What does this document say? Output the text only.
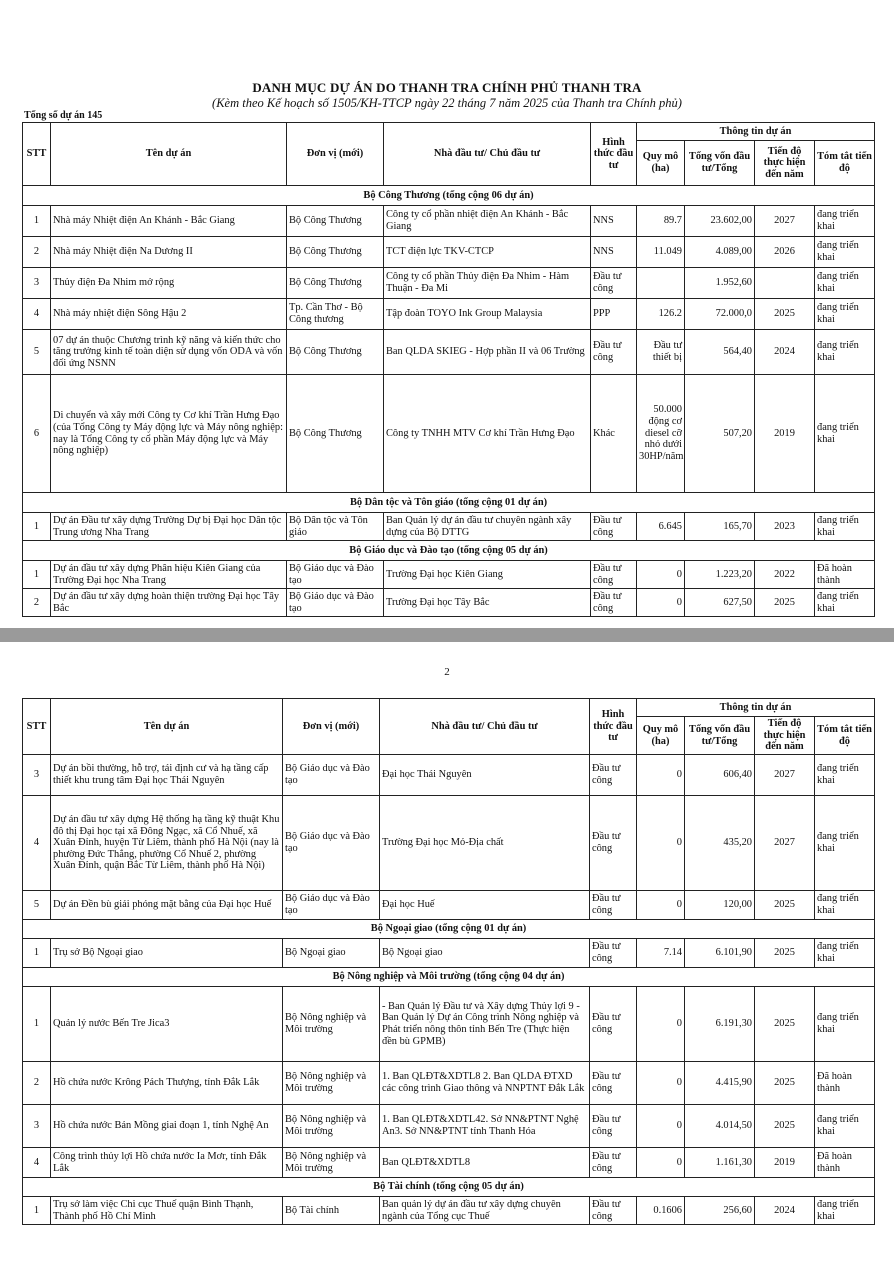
DANH MỤC DỰ ÁN DO THANH TRA CHÍNH PHỦ THANH TRA
(Kèm theo Kế hoạch số 1505/KH-TTCP ngày 22 tháng 7 năm 2025 của Thanh tra Chính phủ)
Tổng số dự án 145
STT	Tên dự án	Đơn vị (mới)	Nhà đầu tư/ Chủ đầu tư	Hình thức đầu tư	Thông tin dự án			
					Quy mô (ha)	Tổng vốn đầu tư/Tổng	Tiến độ thực hiện đến năm	Tóm tắt tiến độ
Bộ Công Thương (tổng cộng 06 dự án)								
1	Nhà máy Nhiệt điện An Khánh - Bắc Giang	Bộ Công Thương	Công ty cổ phần nhiệt điện An Khánh - Bắc Giang	NNS	89.7	23.602,00	2027	đang triển khai
2	Nhà máy Nhiệt điện Na Dương II	Bộ Công Thương	TCT điện lực TKV-CTCP	NNS	11.049	4.089,00	2026	đang triển khai
3	Thủy điện Đa Nhim mở rộng	Bộ Công Thương	Công ty cổ phần Thủy điện Đa Nhim - Hàm Thuận - Đa Mi	Đầu tư công		1.952,60		đang triển khai
4	Nhà máy nhiệt điện Sông Hậu 2	Tp. Cần Thơ - Bộ Công thương	Tập đoàn TOYO Ink Group Malaysia	PPP	126.2	72.000,0	2025	đang triển khai
5	07 dự án thuộc Chương trình kỹ năng và kiến thức cho tăng trưởng kinh tế toàn diện sử dụng vốn ODA và vốn đối ứng NSNN	Bộ Công Thương	Ban QLDA SKIEG - Hợp phần II và 06 Trường	Đầu tư công	Đầu tư thiết bị	564,40	2024	đang triển khai
6	Di chuyển và xây mới Công ty Cơ khí Trần Hưng Đạo (của Tổng Công ty Máy động lực và Máy nông nghiệp: nay là Tổng Công ty cổ phần Máy động lực và Máy nông nghiệp)	Bộ Công Thương	Công ty TNHH MTV Cơ khí Trần Hưng Đạo	Khác	50.000 động cơ diesel cỡ nhỏ dưới 30HP/năm	507,20	2019	đang triển khai
Bộ Dân tộc và Tôn giáo (tổng cộng 01 dự án)								
1	Dự án Đầu tư xây dựng Trường Dự bị Đại học Dân tộc Trung ương Nha Trang	Bộ Dân tộc và Tôn giáo	Ban Quản lý dự án đầu tư chuyên ngành xây dựng của Bộ DTTG	Đầu tư công	6.645	165,70	2023	đang triển khai
Bộ Giáo dục và Đào tạo (tổng cộng 05 dự án)								
1	Dự án đầu tư xây dựng Phân hiệu Kiên Giang của Trường Đại học Nha Trang	Bộ Giáo dục và Đào tạo	Trường Đại học Kiên Giang	Đầu tư công	0	1.223,20	2022	Đã hoàn thành
2	Dự án đầu tư xây dựng hoàn thiện trường Đại học Tây Bắc	Bộ Giáo dục và Đào tạo	Trường Đại học Tây Bắc	Đầu tư công	0	627,50	2025	đang triển khai
2
STT	Tên dự án	Đơn vị (mới)	Nhà đầu tư/ Chủ đầu tư	Hình thức đầu tư	Thông tin dự án			
					Quy mô (ha)	Tổng vốn đầu tư/Tổng	Tiến độ thực hiện đến năm	Tóm tắt tiến độ
3	Dự án bồi thường, hỗ trợ, tái định cư và hạ tầng cấp thiết khu trung tâm Đại học Thái Nguyên	Bộ Giáo dục và Đào tạo	Đại học Thái Nguyên	Đầu tư công	0	606,40	2027	đang triển khai
4	Dự án đầu tư xây dựng Hệ thống hạ tầng kỹ thuật Khu đô thị Đại học tại xã Đông Ngạc, xã Cổ Nhuế, xã Xuân Đỉnh, huyện Từ Liêm, thành phố Hà Nội (nay là phường Đức Thắng, phường Cổ Nhuế 2, phường Xuân Đỉnh, quận Bắc Từ Liêm, thành phố Hà Nội)	Bộ Giáo dục và Đào tạo	Trường Đại học Mỏ-Địa chất	Đầu tư công	0	435,20	2027	đang triển khai
5	Dự án Đền bù giải phóng mặt bằng của Đại học Huế	Bộ Giáo dục và Đào tạo	Đại học Huế	Đầu tư công	0	120,00	2025	đang triển khai
Bộ Ngoại giao (tổng cộng 01 dự án)								
1	Trụ sở Bộ Ngoại giao	Bộ Ngoại giao	Bộ Ngoại giao	Đầu tư công	7.14	6.101,90	2025	đang triển khai
Bộ Nông nghiệp và Môi trường (tổng cộng 04 dự án)								
1	Quản lý nước Bến Tre Jica3	Bộ Nông nghiệp và Môi trường	- Ban Quản lý Đầu tư và Xây dựng Thủy lợi 9 - Ban Quản lý Dự án Công trình Nông nghiệp và Phát triển nông thôn tỉnh Bến Tre (Thực hiện đền bù GPMB)	Đầu tư công	0	6.191,30	2025	đang triển khai
2	Hồ chứa nước Krông Pách Thượng, tỉnh Đắk Lắk	Bộ Nông nghiệp và Môi trường	1. Ban QLĐT&XDTL8 2. Ban QLDA ĐTXD các công trình Giao thông và NNPTNT Đắk Lắk	Đầu tư công	0	4.415,90	2025	Đã hoàn thành
3	Hồ chứa nước Bản Mồng giai đoạn 1, tỉnh Nghệ An	Bộ Nông nghiệp và Môi trường	1. Ban QLĐT&XDTL42. Sở NN&PTNT Nghệ An3. Sở NN&PTNT tỉnh Thanh Hóa	Đầu tư công	0	4.014,50	2025	đang triển khai
4	Công trình thủy lợi Hồ chứa nước Ia Mơr, tỉnh Đắk Lắk	Bộ Nông nghiệp và Môi trường	Ban QLĐT&XDTL8	Đầu tư công	0	1.161,30	2019	Đã hoàn thành
Bộ Tài chính (tổng cộng 05 dự án)								
1	Trụ sở làm việc Chi cục Thuế quận Bình Thạnh, Thành phố Hồ Chí Minh	Bộ Tài chính	Ban quản lý dự án đầu tư xây dựng chuyên ngành của Tổng cục Thuế	Đầu tư công	0.1606	256,60	2024	đang triển khai
